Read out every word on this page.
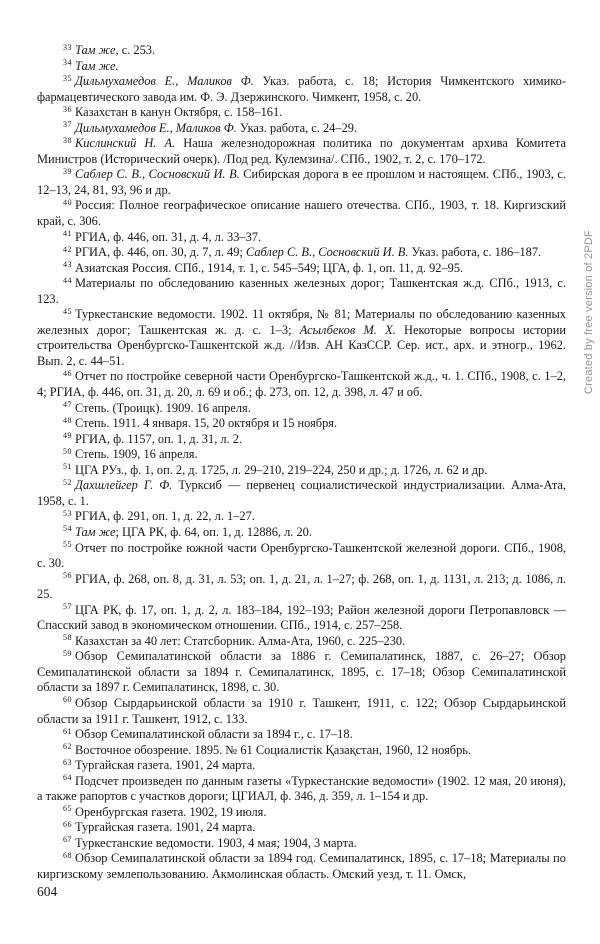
$^{33}$ Там же, с. 253.

$^{34}$ Там же.

$^{35}$ Дильмухамедов Е., Маликов Ф. Указ. работа, с. 18; История Чимкентского химико-фармацевтического завода им. Ф. Э. Дзержинского. Чимкент, 1958, с. 20.

$^{36}$ Казахстан в канун Октября, с. 158–161.

$^{37}$ Дильмухамедов Е., Маликов Ф. Указ. работа, с. 24–29.

$^{38}$ Кислинский Н. А. Наша железнодорожная политика по документам архива Комитета Министров (Исторический очерк). /Под ред. Кулемзина/. СПб., 1902, т. 2, с. 170–172.

$^{39}$ Саблер С. В., Сосновский И. В. Сибирская дорога в ее прошлом и настоящем. СПб., 1903, с. 12–13, 24, 81, 93, 96 и др.

$^{40}$ Россия: Полное географическое описание нашего отечества. СПб., 1903, т. 18. Киргизский край, с. 306.

$^{41}$ РГИА, ф. 446, оп. 31, д. 4, л. 33–37.

$^{42}$ РГИА, ф. 446, оп. 30, д. 7, л. 49; Саблер С. В., Сосновский И. В. Указ. работа, с. 186–187.

$^{43}$ Азиатская Россия. СПб., 1914, т. 1, с. 545–549; ЦГА, ф. 1, оп. 11, д. 92–95.

$^{44}$ Материалы по обследованию казенных железных дорог; Ташкентская ж.д. СПб., 1913, с. 123.

$^{45}$ Туркестанские ведомости. 1902. 11 октября, № 81; Материалы по обследованию казенных железных дорог; Ташкентская ж. д. с. 1–3; Асылбеков М. Х. Некоторые вопросы истории строительства Оренбургско-Ташкентской ж.д. //Изв. АН КазССР. Сер. ист., арх. и этногр., 1962. Вып. 2, с. 44–51.

$^{46}$ Отчет по постройке северной части Оренбургско-Ташкентской ж.д., ч. 1. СПб., 1908, с. 1–2, 4; РГИА, ф. 446, оп. 31, д. 20, л. 69 и об.; ф. 273, оп. 12, д. 398, л. 47 и об.

$^{47}$ Степь. (Троицк). 1909. 16 апреля.

$^{48}$ Степь. 1911. 4 января. 15, 20 октября и 15 ноября.

$^{49}$ РГИА, ф. 1157, оп. 1, д. 31, л. 2.

$^{50}$ Степь. 1909, 16 апреля.

$^{51}$ ЦГА РУз., ф. 1, оп. 2, д. 1725, л. 29–210, 219–224, 250 и др.; д. 1726, л. 62 и др.

$^{52}$ Дахшлейгер Г. Ф. Турксиб — первенец социалистической индустриализации. Алма-Ата, 1958, с. 1.

$^{53}$ РГИА, ф. 291, оп. 1, д. 22, л. 1–27.

$^{54}$ Там же; ЦГА РК, ф. 64, оп. 1, д. 12886, л. 20.

$^{55}$ Отчет по постройке южной части Оренбургско-Ташкентской железной дороги. СПб., 1908, с. 30.

$^{56}$ РГИА, ф. 268, оп. 8, д. 31, л. 53; оп. 1, д. 21, л. 1–27; ф. 268, оп. 1, д. 1131, л. 213; д. 1086, л. 25.

$^{57}$ ЦГА РК, ф. 17, оп. 1, д. 2, л. 183–184, 192–193; Район железной дороги Петропавловск — Спасский завод в экономическом отношении. СПб., 1914, с. 257–258.

$^{58}$ Казахстан за 40 лет: Статсборник. Алма-Ата, 1960, с. 225–230.

$^{59}$ Обзор Семипалатинской области за 1886 г. Семипалатинск, 1887, с. 26–27; Обзор Семипалатинской области за 1894 г. Семипалатинск, 1895, с. 17–18; Обзор Семипалатинской области за 1897 г. Семипалатинск, 1898, с. 30.

$^{60}$ Обзор Сырдарьинской области за 1910 г. Ташкент, 1911, с. 122; Обзор Сырдарьинской области за 1911 г. Ташкент, 1912, с. 133.

$^{61}$ Обзор Семипалатинской области за 1894 г., с. 17–18.

$^{62}$ Восточное обозрение. 1895. № 61 Социалистік Қазақстан, 1960, 12 ноябрь.

$^{63}$ Тургайская газета. 1901, 24 марта.

$^{64}$ Подсчет произведен по данным газеты «Туркестанские ведомости» (1902. 12 мая, 20 июня), а также рапортов с участков дороги; ЦГИАЛ, ф. 346, д. 359, л. 1–154 и др.

$^{65}$ Оренбургская газета. 1902, 19 июля.

$^{66}$ Тургайская газета. 1901, 24 марта.

$^{67}$ Туркестанские ведомости. 1903, 4 мая; 1904, 3 марта.

$^{68}$ Обзор Семипалатинской области за 1894 год. Семипалатинск, 1895, с. 17–18; Материалы по киргизскому землепользованию. Акмолинская область. Омский уезд, т. 11. Омск,

604
Created by free version of 2PDF
